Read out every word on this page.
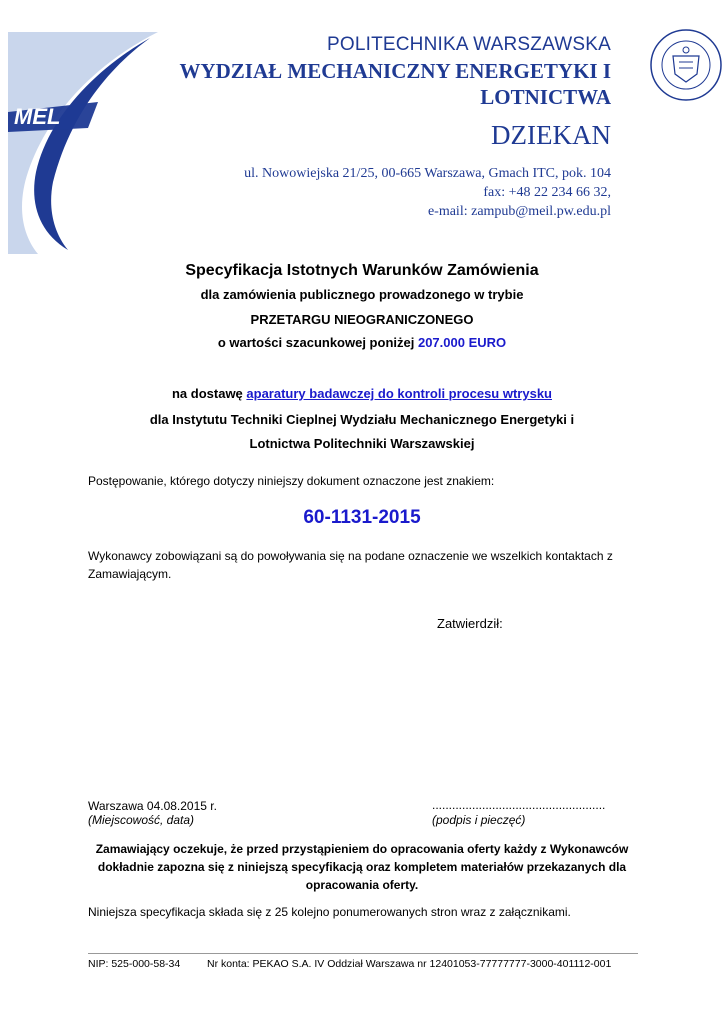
MEL
POLITECHNIKA WARSZAWSKA
WYDZIAŁ MECHANICZNY ENERGETYKI I
LOTNICTWA
DZIEKAN
ul. Nowowiejska 21/25, 00-665 Warszawa, Gmach ITC, pok. 104
fax: +48 22 234 66 32,
e-mail: zampub@meil.pw.edu.pl
Specyfikacja Istotnych Warunków Zamówienia
dla zamówienia publicznego prowadzonego w trybie
PRZETARGU NIEOGRANICZONEGO
o wartości szacunkowej poniżej 207.000 EURO
na dostawę aparatury badawczej do kontroli procesu wtrysku
dla Instytutu Techniki Cieplnej Wydziału Mechanicznego Energetyki i
Lotnictwa Politechniki Warszawskiej
Postępowanie, którego dotyczy niniejszy dokument oznaczone jest znakiem:
60-1131-2015
Wykonawcy zobowiązani są do powoływania się na podane oznaczenie we wszelkich kontaktach z
Zamawiającym.
Zatwierdził:
Warszawa 04.08.2015 r.
(Miejscowość, data)
....................................................
(podpis i pieczęć)
Zamawiający oczekuje, że przed przystąpieniem do opracowania oferty każdy z Wykonawców
dokładnie zapozna się z niniejszą specyfikacją oraz kompletem materiałów przekazanych dla
opracowania oferty.
Niniejsza specyfikacja składa się z 25 kolejno ponumerowanych stron wraz z załącznikami.
NIP: 525-000-58-34	Nr konta: PEKAO S.A. IV Oddział Warszawa nr 12401053-77777777-3000-401112-001
